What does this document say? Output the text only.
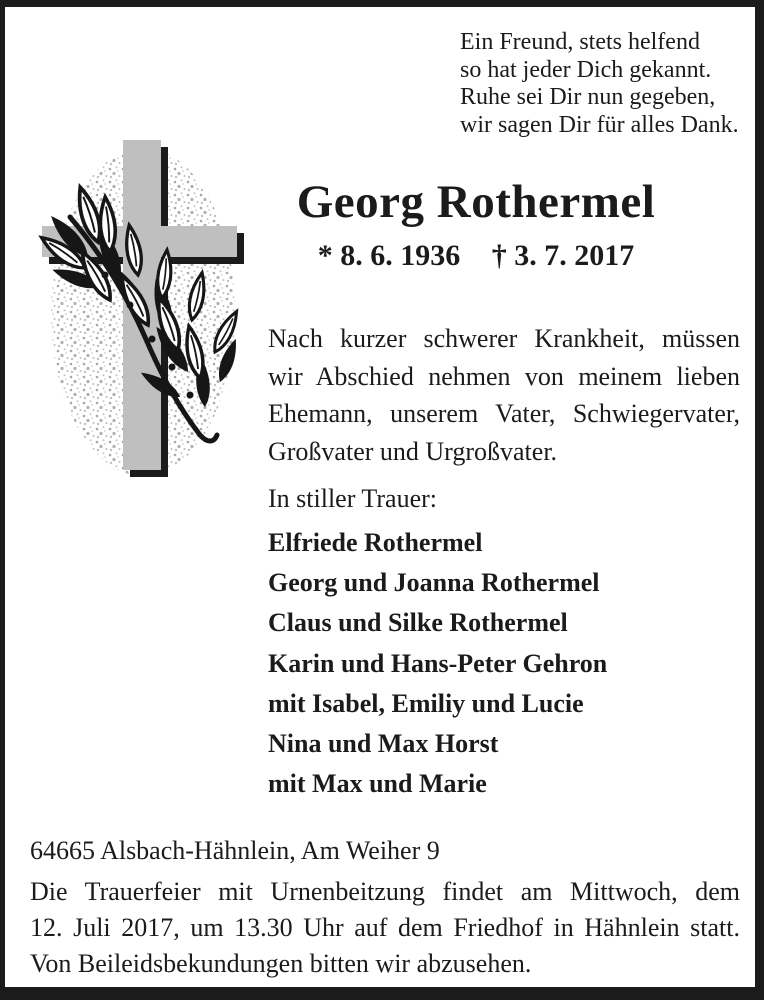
Ein Freund, stets helfend
so hat jeder Dich gekannt.
Ruhe sei Dir nun gegeben,
wir sagen Dir für alles Dank.
Georg Rothermel
* 8. 6. 1936 † 3. 7. 2017
Nach kurzer schwerer Krankheit, müssen
wir Abschied nehmen von meinem lieben
Ehemann, unserem Vater, Schwiegervater,
Großvater und Urgroßvater.
In stiller Trauer:
Elfriede Rothermel
Georg und Joanna Rothermel
Claus und Silke Rothermel
Karin und Hans-Peter Gehron
mit Isabel, Emiliy und Lucie
Nina und Max Horst
mit Max und Marie
64665 Alsbach-Hähnlein, Am Weiher 9
Die Trauerfeier mit Urnenbeitzung findet am Mittwoch, dem
12. Juli 2017, um 13.30 Uhr auf dem Friedhof in Hähnlein statt.
Von Beileidsbekundungen bitten wir abzusehen.
